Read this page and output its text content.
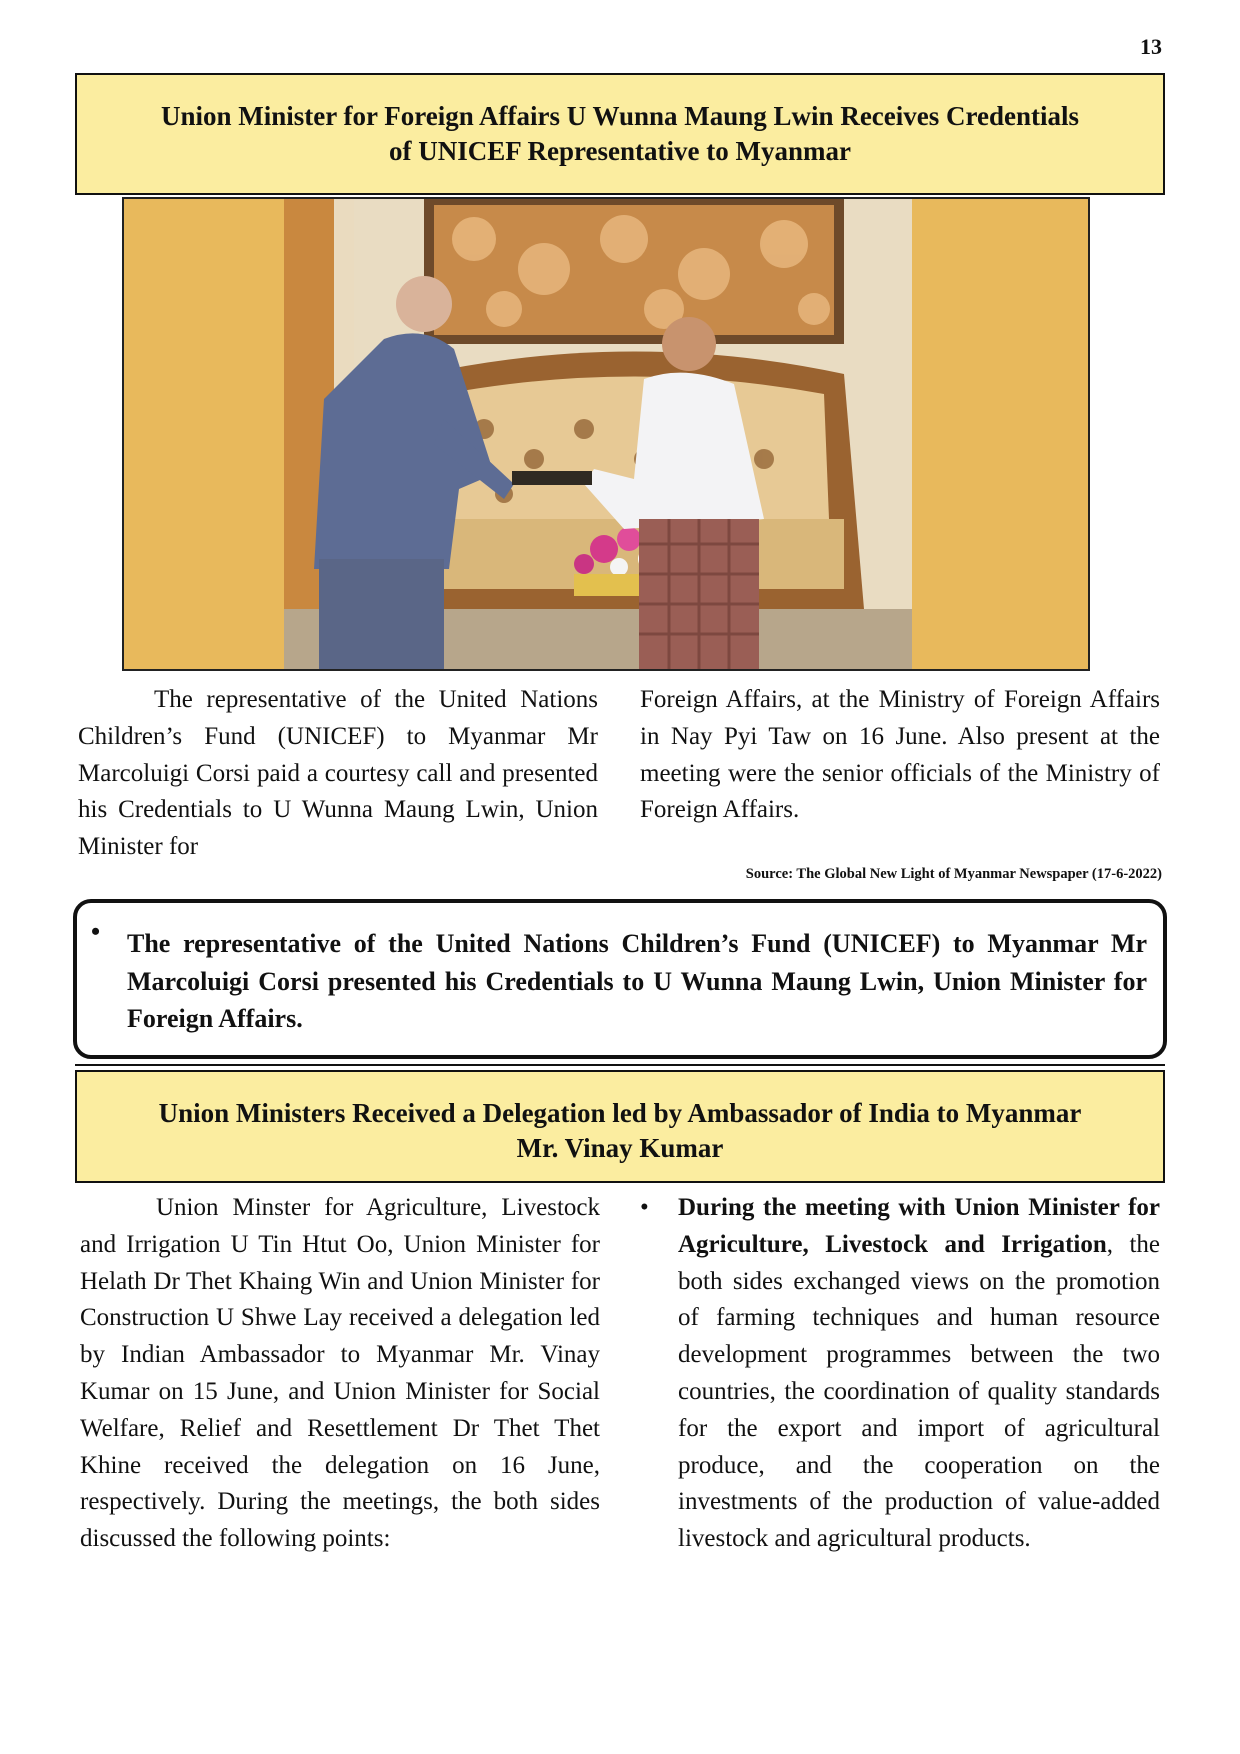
13
Union Minister for Foreign Affairs U Wunna Maung Lwin Receives Credentials
of UNICEF Representative to Myanmar

The representative of the United Nations Children’s Fund (UNICEF) to Myanmar Mr Marcoluigi Corsi paid a courtesy call and presented his Credentials to U Wunna Maung Lwin, Union Minister for

Foreign Affairs, at the Ministry of Foreign Affairs in Nay Pyi Taw on 16 June. Also present at the meeting were the senior officials of the Ministry of Foreign Affairs.

Source: The Global New Light of Myanmar Newspaper (17-6-2022)
• The representative of the United Nations Children’s Fund (UNICEF) to Myanmar Mr Marcoluigi Corsi presented his Credentials to U Wunna Maung Lwin, Union Minister for Foreign Affairs.
Union Ministers Received a Delegation led by Ambassador of India to Myanmar
Mr. Vinay Kumar

Union Minster for Agriculture, Livestock and Irrigation U Tin Htut Oo, Union Minister for Helath Dr Thet Khaing Win and Union Minister for Construction U Shwe Lay received a delegation led by Indian Ambassador to Myanmar Mr. Vinay Kumar on 15 June, and Union Minister for Social Welfare, Relief and Resettlement Dr Thet Thet Khine received the delegation on 16 June, respectively. During the meetings, the both sides discussed the following points:

• During the meeting with Union Minister for Agriculture, Livestock and Irrigation, the both sides exchanged views on the promotion of farming techniques and human resource development programmes between the two countries, the coordination of quality standards for the export and import of agricultural produce, and the cooperation on the investments of the production of value-added livestock and agricultural products.
